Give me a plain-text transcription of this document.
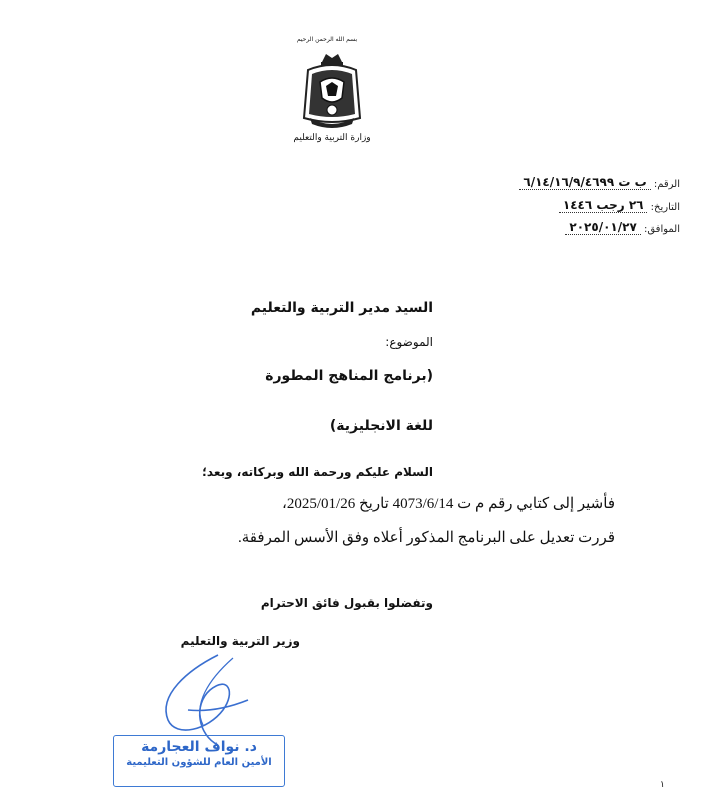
بسم الله الرحمن الرحيم
وزارة التربية والتعليم
الرقم: ب ت ٦/١٤/١٦/٩/٤٦٩٩
التاريخ: ٢٦ رجب ١٤٤٦
الموافق: ٢٠٢٥/٠١/٢٧
السيد مدير التربية والتعليم
الموضوع:
(برنامج المناهج المطورة
للغة الانجليزية)
السلام عليكم ورحمة الله وبركاته، وبعد؛
فأشير إلى كتابي رقم م ت 4073/6/14 تاريخ 2025/01/26،
قررت تعديل على البرنامج المذكور أعلاه وفق الأسس المرفقة.
وتفضلوا بقبول فائق الاحترام
وزير التربية والتعليم
د. نواف العجارمة
الأمين العام للشؤون التعليمية
١
